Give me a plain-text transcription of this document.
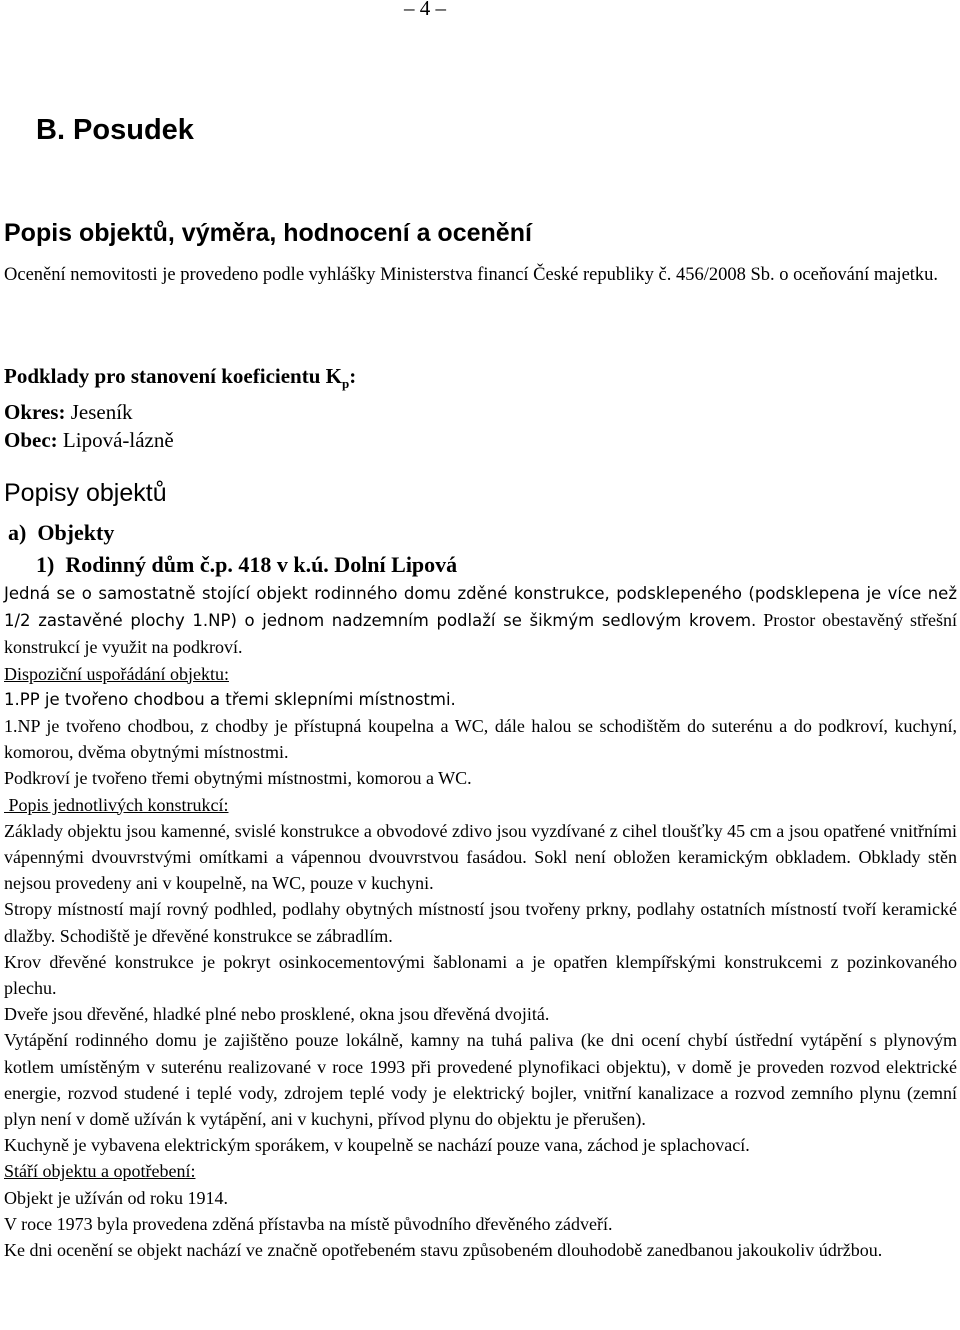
– 4 –
B. Posudek
Popis objektů, výměra, hodnocení a ocenění
Ocenění nemovitosti je provedeno podle vyhlášky Ministerstva financí České republiky č. 456/2008 Sb. o oceňování majetku.
Podklady pro stanovení koeficientu $K_p$:
Okres: Jeseník
Obec: Lipová-lázně
Popisy objektů
a)  Objekty
1)  Rodinný dům č.p. 418 v k.ú. Dolní Lipová

Jedná se o samostatně stojící objekt rodinného domu zděné konstrukce, podsklepeného (podsklepena je více než 1/2 zastavěné plochy 1.NP) o jednom nadzemním podlaží se šikmým sedlovým krovem. Prostor obestavěný střešní konstrukcí je využit na podkroví.

Dispoziční uspořádání objektu:

1.PP je tvořeno chodbou a třemi sklepními místnostmi.

1.NP je tvořeno chodbou, z chodby je přístupná koupelna a WC, dále halou se schodištěm do suterénu a do podkroví, kuchyní, komorou, dvěma obytnými místnostmi.

Podkroví je tvořeno třemi obytnými místnostmi, komorou a WC.

Popis jednotlivých konstrukcí:

Základy objektu jsou kamenné, svislé konstrukce a obvodové zdivo jsou vyzdívané z cihel tloušťky 45 cm a jsou opatřené vnitřními vápennými dvouvrstvými omítkami a vápennou dvouvrstvou fasádou. Sokl není obložen keramickým obkladem. Obklady stěn nejsou provedeny ani v koupelně, na WC, pouze v kuchyni.

Stropy místností mají rovný podhled, podlahy obytných místností jsou tvořeny prkny, podlahy ostatních místností tvoří keramické dlažby. Schodiště je dřevěné konstrukce se zábradlím.

Krov dřevěné konstrukce je pokryt osinkocementovými šablonami a je opatřen klempířskými konstrukcemi z pozinkovaného plechu.

Dveře jsou dřevěné, hladké plné nebo prosklené, okna jsou dřevěná dvojitá.

Vytápění rodinného domu je zajištěno pouze lokálně, kamny na tuhá paliva (ke dni ocení chybí ústřední vytápění s plynovým kotlem umístěným v suterénu realizované v roce 1993 při provedené plynofikaci objektu), v domě je proveden rozvod elektrické energie, rozvod studené i teplé vody, zdrojem teplé vody je elektrický bojler, vnitřní kanalizace a rozvod zemního plynu (zemní plyn není v domě užíván k vytápění, ani v kuchyni, přívod plynu do objektu je přerušen).

Kuchyně je vybavena elektrickým sporákem, v koupelně se nachází pouze vana, záchod je splachovací.

Stáří objektu a opotřebení:

Objekt je užíván od roku 1914.

V roce 1973 byla provedena zděná přístavba na místě původního dřevěného zádveří.

Ke dni ocenění se objekt nachází ve značně opotřebeném stavu způsobeném dlouhodobě zanedbanou jakoukoliv údržbou.
